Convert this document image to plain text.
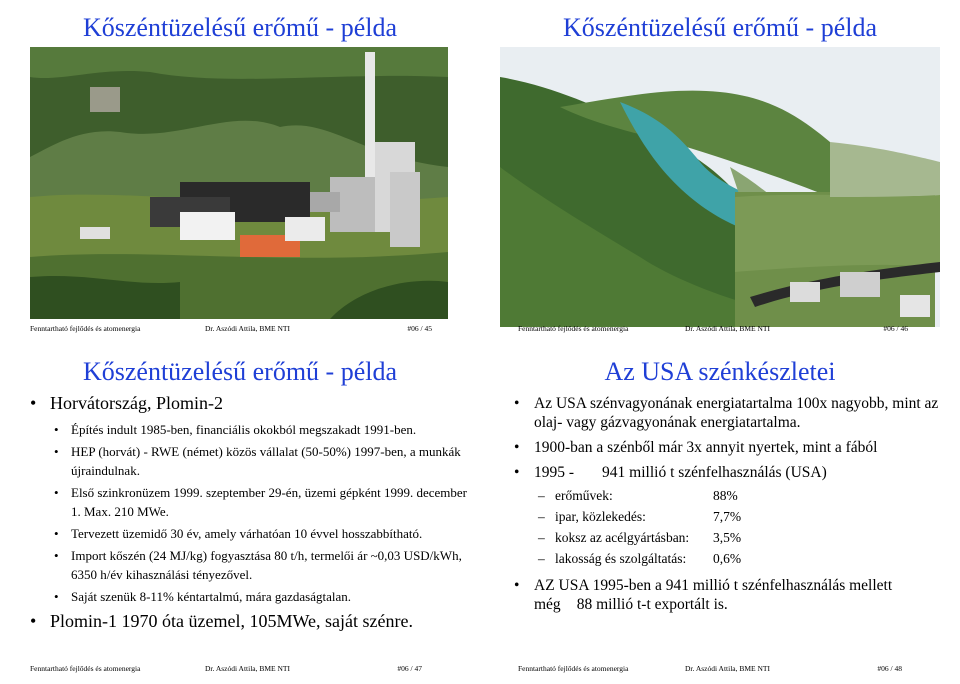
Kőszéntüzelésű erőmű - példa
Fenntartható fejlődés és atomenergia	Dr. Aszódi Attila, BME NTI	#06 / 45
Kőszéntüzelésű erőmű - példa
Fenntartható fejlődés és atomenergia	Dr. Aszódi Attila, BME NTI	#06 / 46
Kőszéntüzelésű erőmű - példa
• Horvátország, Plomin-2
• Építés indult 1985-ben, financiális okokból megszakadt 1991-ben.
• HEP (horvát) - RWE (német) közös vállalat (50-50%) 1997-ben, a munkák újraindulnak.
• Első szinkronüzem 1999. szeptember 29-én, üzemi gépként 1999. december 1. Max. 210 MWe.
• Tervezett üzemidő 30 év, amely várhatóan 10 évvel hosszabbítható.
• Import kőszén (24 MJ/kg) fogyasztása 80 t/h, termelői ár ~0,03 USD/kWh, 6350 h/év kihasználási tényezővel.
• Saját szenük 8-11% kéntartalmú, mára gazdaságtalan.
• Plomin-1 1970 óta üzemel, 105MWe, saját szénre.
Fenntartható fejlődés és atomenergia	Dr. Aszódi Attila, BME NTI	#06 / 47
Az USA szénkészletei
• Az USA szénvagyonának energiatartalma 100x nagyobb, mint az olaj- vagy gázvagyonának energiatartalma.
• 1900-ban a szénből már 3x annyit nyertek, mint a fából
• 1995 - 941 millió t szénfelhasználás (USA)
– erőművek:	88%
– ipar, közlekedés:	7,7%
– koksz az acélgyártásban: 3,5%
– lakosság és szolgáltatás: 0,6%
• AZ USA 1995-ben a 941 millió t szénfelhasználás mellett
még 88 millió t-t exportált is.
Fenntartható fejlődés és atomenergia	Dr. Aszódi Attila, BME NTI	#06 / 48
